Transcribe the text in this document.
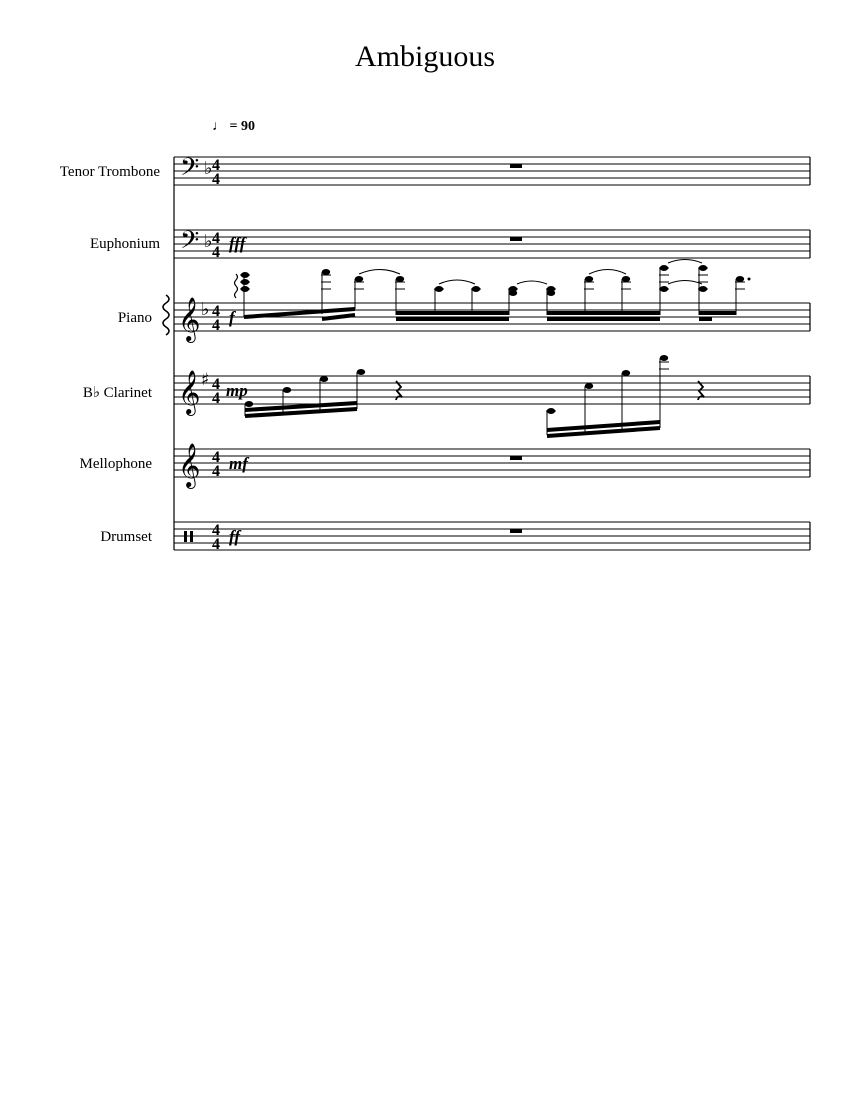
Ambiguous
Tenor Trombone
Euphonium
Piano
B♭ Clarinet
Mellophone
Drumset
♩ = 90
𝄢 ♭ 4
4
𝄢 ♭ 4
4 fff
𝄞 ♭ 4
4 f
𝄞 ♯ 4
4 mp
𝄞 4
4 mf
4
4 ff
